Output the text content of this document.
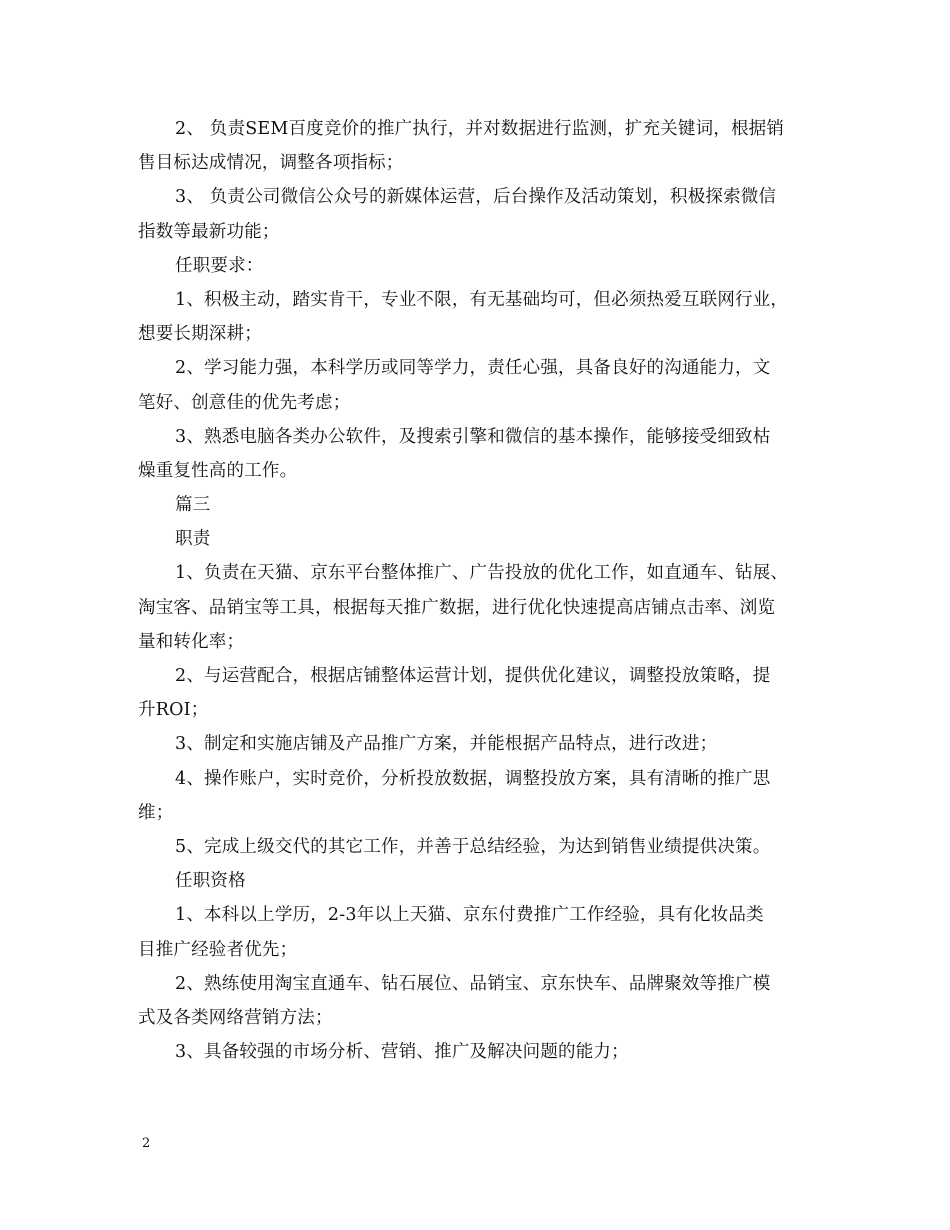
2、 负责SEM百度竞价的推广执行，并对数据进行监测，扩充关键词，根据销
售目标达成情况，调整各项指标；
3、 负责公司微信公众号的新媒体运营，后台操作及活动策划，积极探索微信
指数等最新功能；
任职要求：
1、积极主动，踏实肯干，专业不限，有无基础均可，但必须热爱互联网行业，
想要长期深耕；
2、学习能力强，本科学历或同等学力，责任心强，具备良好的沟通能力，文
笔好、创意佳的优先考虑；
3、熟悉电脑各类办公软件，及搜索引擎和微信的基本操作，能够接受细致枯
燥重复性高的工作。
篇三
职责
1、负责在天猫、京东平台整体推广、广告投放的优化工作，如直通车、钻展、
淘宝客、品销宝等工具，根据每天推广数据，进行优化快速提高店铺点击率、浏览
量和转化率；
2、与运营配合，根据店铺整体运营计划，提供优化建议，调整投放策略，提
升ROI；
3、制定和实施店铺及产品推广方案，并能根据产品特点，进行改进；
4、操作账户，实时竞价，分析投放数据，调整投放方案，具有清晰的推广思
维；
5、完成上级交代的其它工作，并善于总结经验，为达到销售业绩提供决策。
任职资格
1、本科以上学历，2-3年以上天猫、京东付费推广工作经验，具有化妆品类
目推广经验者优先；
2、熟练使用淘宝直通车、钻石展位、品销宝、京东快车、品牌聚效等推广模
式及各类网络营销方法；
3、具备较强的市场分析、营销、推广及解决问题的能力；
2
